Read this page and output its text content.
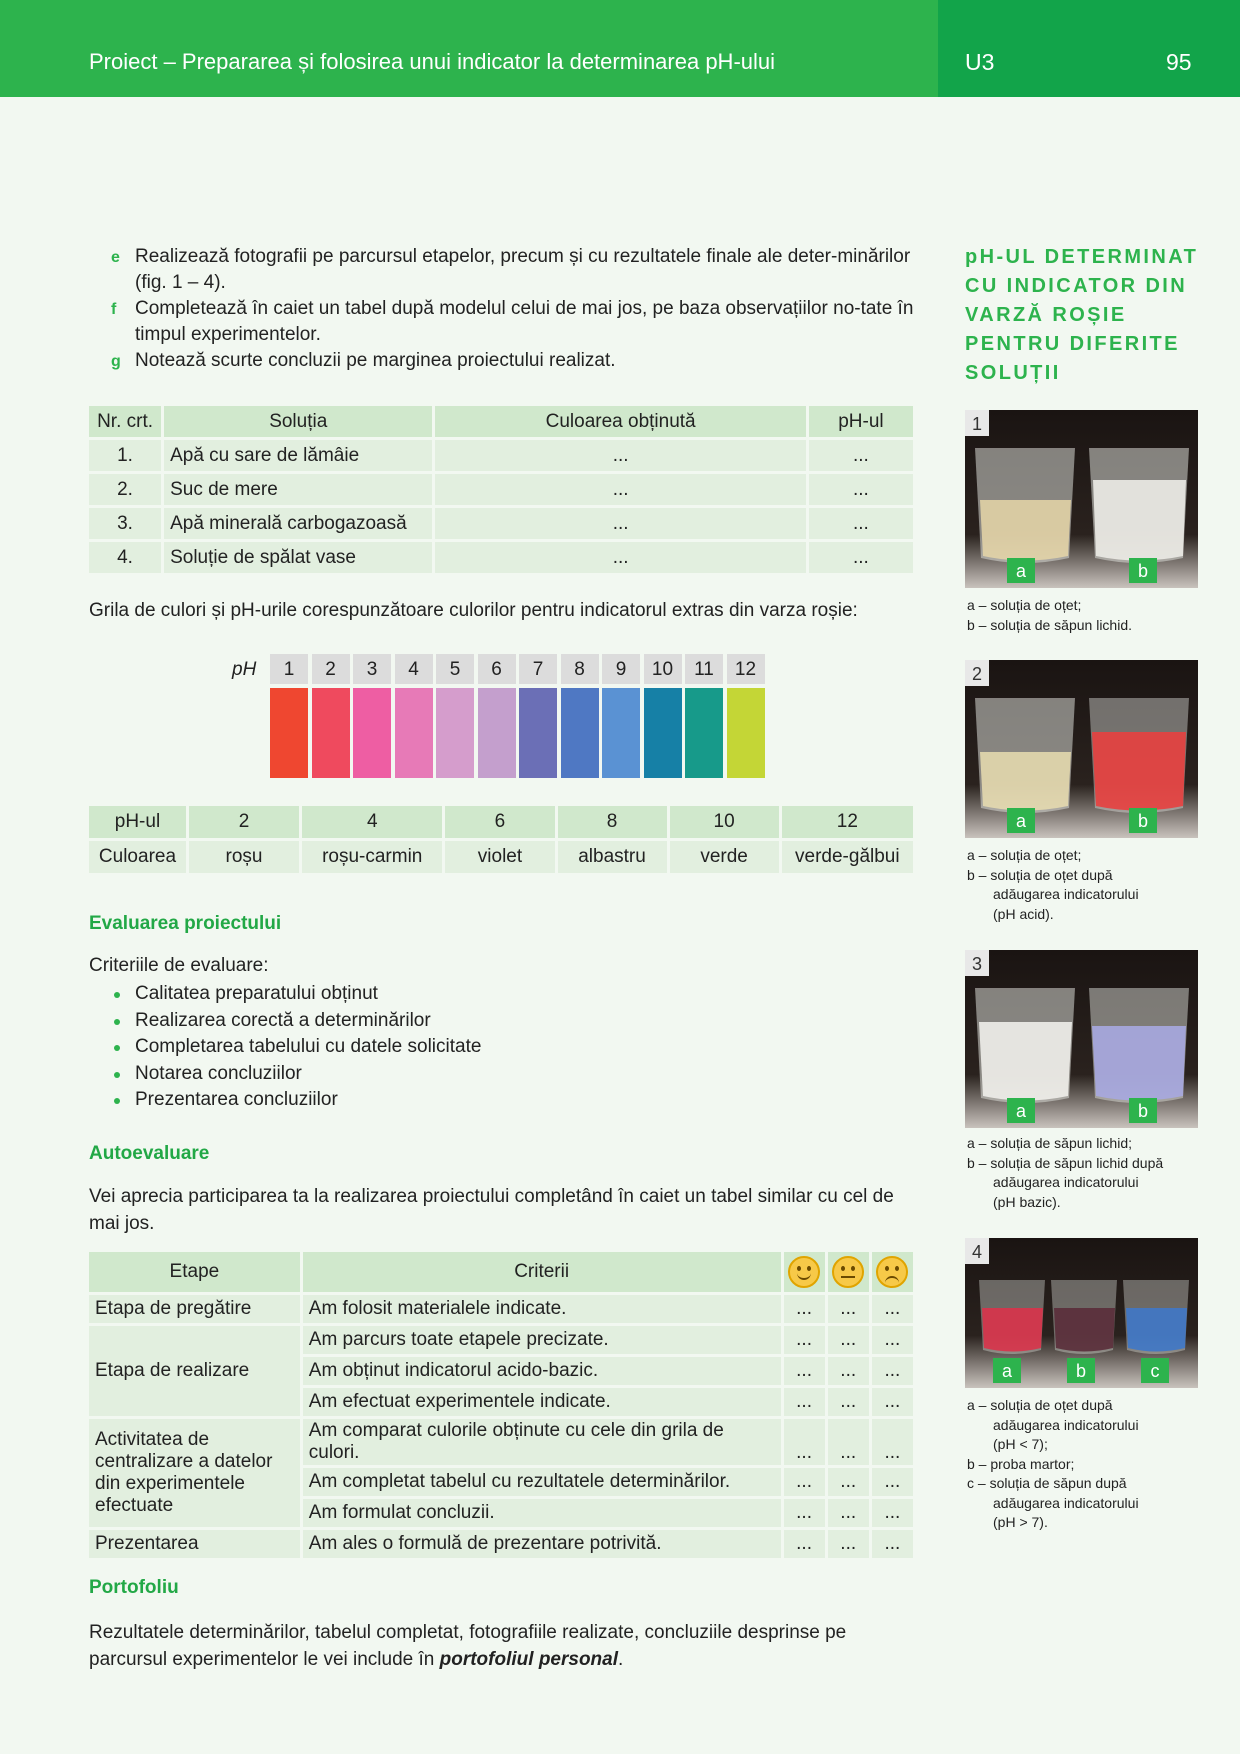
Proiect – Prepararea și folosirea unui indicator la determinarea pH-ului	U3	95
e Realizează fotografii pe parcursul etapelor, precum și cu rezultatele finale ale deter-minărilor (fig. 1 – 4).
f Completează în caiet un tabel după modelul celui de mai jos, pe baza observațiilor no-tate în timpul experimentelor.
g Notează scurte concluzii pe marginea proiectului realizat.
Nr. crt.	Soluția	Culoarea obținută	pH-ul
1.	Apă cu sare de lămâie	...	...
2.	Suc de mere	...	...
3.	Apă minerală carbogazoasă	...	...
4.	Soluție de spălat vase	...	...
Grila de culori și pH-urile corespunzătoare culorilor pentru indicatorul extras din varza roșie:
pH	1	2	3	4	5	6	7	8	9	10	11	12
pH-ul	2	4	6	8	10	12
Culoarea	roșu	roșu-carmin	violet	albastru	verde	verde-gălbui
Evaluarea proiectului
Criteriile de evaluare:
Calitatea preparatului obținut
Realizarea corectă a determinărilor
Completarea tabelului cu datele solicitate
Notarea concluziilor
Prezentarea concluziilor
Autoevaluare
Vei aprecia participarea ta la realizarea proiectului completând în caiet un tabel similar cu cel de mai jos.
Etape	Criterii	

Etapa de pregătire	Am folosit materialele indicate.	...	...	...
Etapa de realizare	Am parcurs toate etapele precizate.	...	...	...
	Am obținut indicatorul acido-bazic.	...	...	...
	Am efectuat experimentele indicate.	...	...	...
Activitatea de centralizare a datelor din experimentele efectuate	Am comparat culorile obținute cu cele din grila de culori.	...	...	...
	Am completat tabelul cu rezultatele determinărilor.	...	...	...
	Am formulat concluzii.	...	...	...
Prezentarea	Am ales o formulă de prezentare potrivită.	...	...	...
Portofoliu
Rezultatele determinărilor, tabelul completat, fotografiile realizate, concluziile desprinse pe parcursul experimentelor le vei include în portofoliul personal.
pH-UL DETERMINAT CU INDICATOR DIN VARZĂ ROȘIE PENTRU DIFERITE SOLUȚII
1
a	b
a – soluția de oțet;
b – soluția de săpun lichid.
2
a	b
a – soluția de oțet;
b – soluția de oțet după
adăugarea indicatorului
(pH acid).
3
a	b
a – soluția de săpun lichid;
b – soluția de săpun lichid după
adăugarea indicatorului
(pH bazic).
4
a	b	c
a – soluția de oțet după
adăugarea indicatorului
(pH < 7);
b – proba martor;
c – soluția de săpun după
adăugarea indicatorului
(pH > 7).
